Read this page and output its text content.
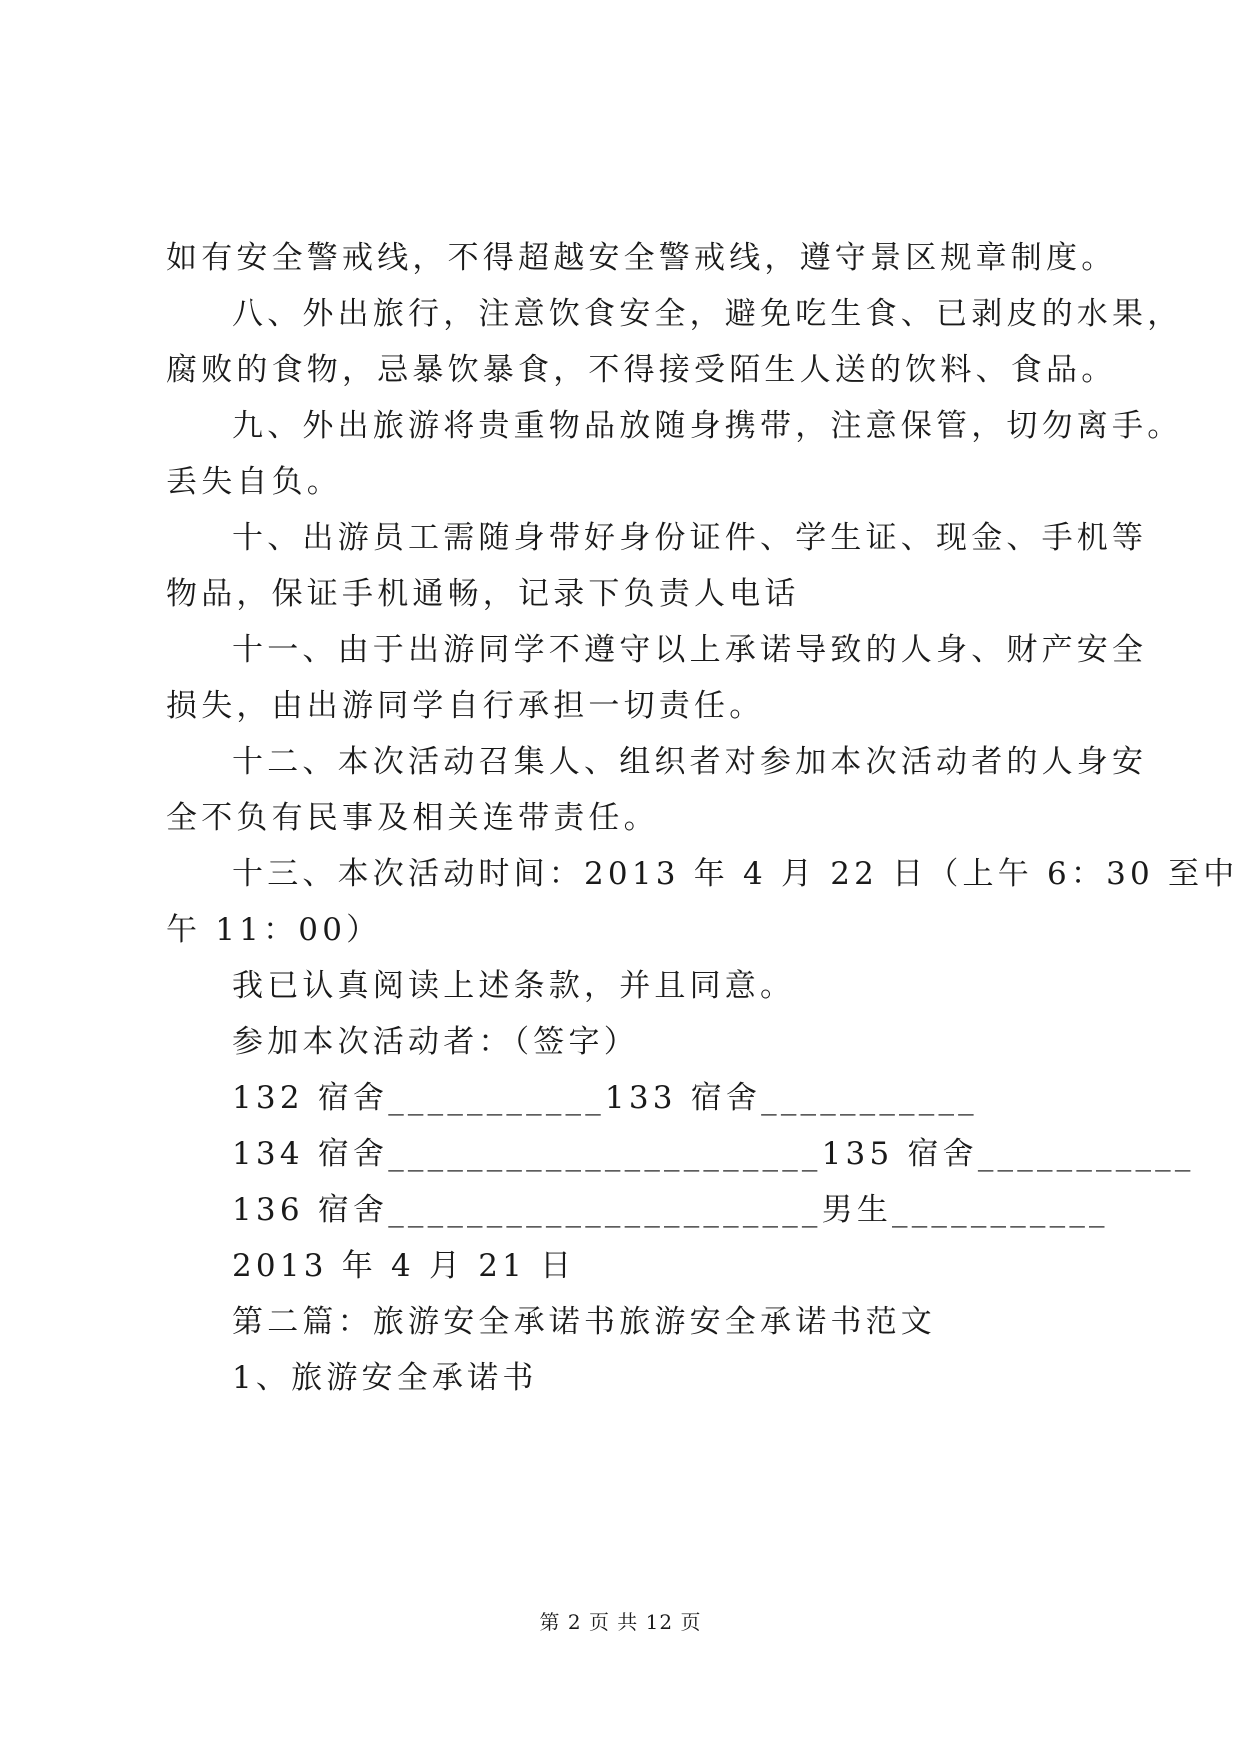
如有安全警戒线，不得超越安全警戒线，遵守景区规章制度。
八、外出旅行，注意饮食安全，避免吃生食、已剥皮的水果，
腐败的食物，忌暴饮暴食，不得接受陌生人送的饮料、食品。
九、外出旅游将贵重物品放随身携带，注意保管，切勿离手。
丢失自负。
十、出游员工需随身带好身份证件、学生证、现金、手机等
物品，保证手机通畅，记录下负责人电话
十一、由于出游同学不遵守以上承诺导致的人身、财产安全
损失，由出游同学自行承担一切责任。
十二、本次活动召集人、组织者对参加本次活动者的人身安
全不负有民事及相关连带责任。
十三、本次活动时间：2013 年 4 月 22 日（上午 6：30 至中
午 11：00）
我已认真阅读上述条款，并且同意。
参加本次活动者：（签字）
132 宿舍___________133 宿舍___________
134 宿舍______________________135 宿舍___________
136 宿舍______________________男生___________
2013 年 4 月 21 日
第二篇：旅游安全承诺书旅游安全承诺书范文
1、旅游安全承诺书
第 2 页 共 12 页
